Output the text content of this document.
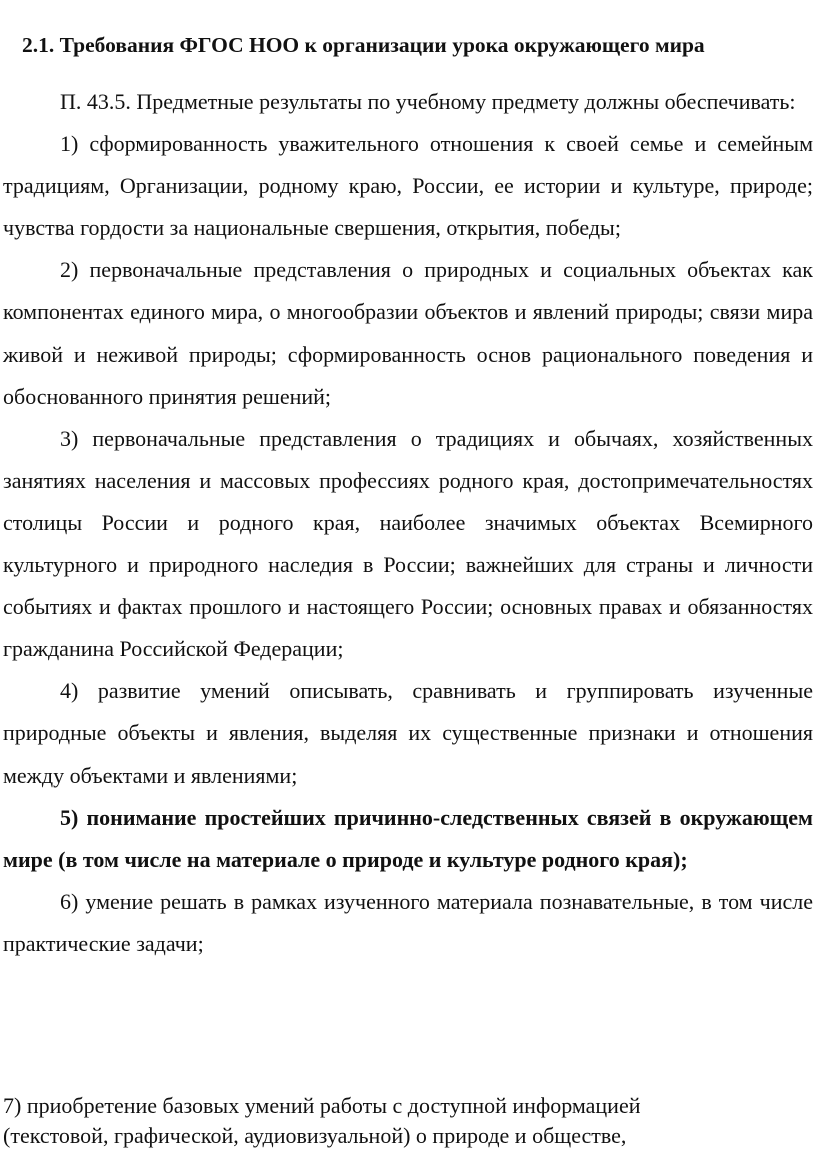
2.1. Требования ФГОС НОО к организации урока окружающего мира

П. 43.5. Предметные результаты по учебному предмету должны обеспечивать:

1) сформированность уважительного отношения к своей семье и семейным традициям, Организации, родному краю, России, ее истории и культуре, природе; чувства гордости за национальные свершения, открытия, победы;

2) первоначальные представления о природных и социальных объектах как компонентах единого мира, о многообразии объектов и явлений природы; связи мира живой и неживой природы; сформированность основ рационального поведения и обоснованного принятия решений;

3) первоначальные представления о традициях и обычаях, хозяйственных занятиях населения и массовых профессиях родного края, достопримечательностях столицы России и родного края, наиболее значимых объектах Всемирного культурного и природного наследия в России; важнейших для страны и личности событиях и фактах прошлого и настоящего России; основных правах и обязанностях гражданина Российской Федерации;

4) развитие умений описывать, сравнивать и группировать изученные природные объекты и явления, выделяя их существенные признаки и отношения между объектами и явлениями;

5) понимание простейших причинно-следственных связей в окружающем мире (в том числе на материале о природе и культуре родного края);

6) умение решать в рамках изученного материала познавательные, в том числе практические задачи;

7) приобретение базовых умений работы с доступной информацией
(текстовой, графической, аудиовизуальной) о природе и обществе,
